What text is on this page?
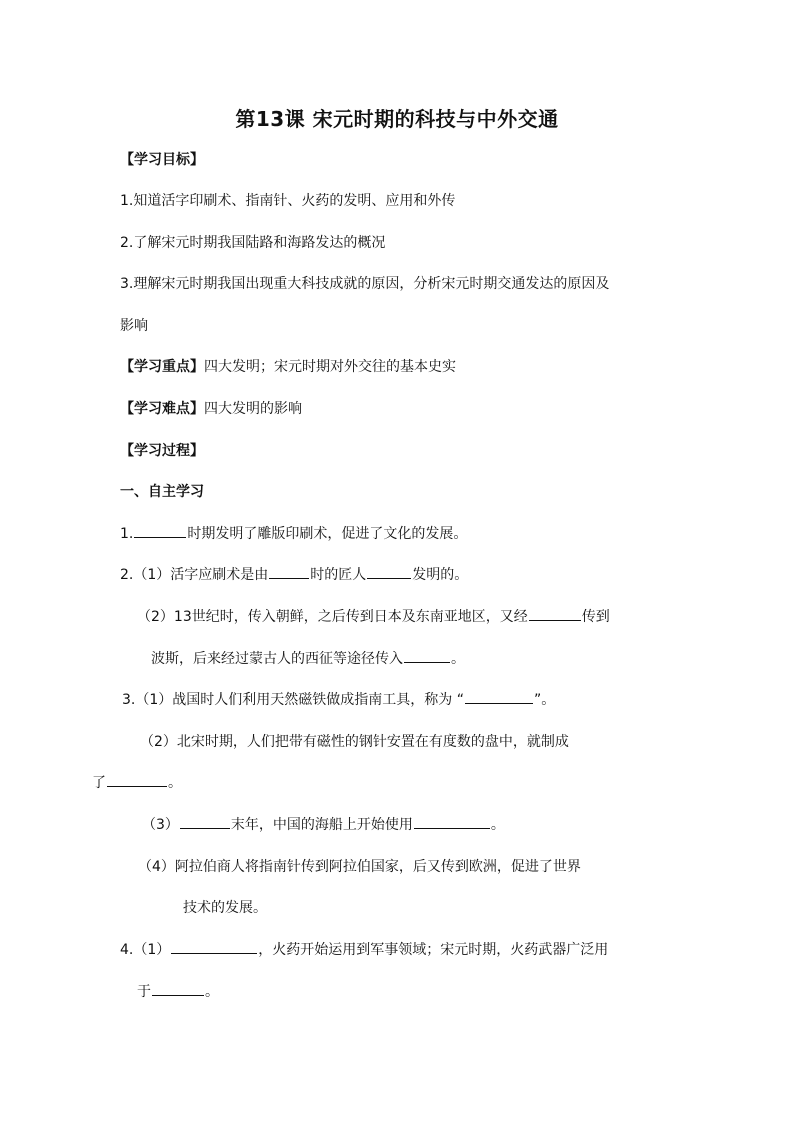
第13课 宋元时期的科技与中外交通
【学习目标】
1.知道活字印刷术、指南针、火药的发明、应用和外传
2.了解宋元时期我国陆路和海路发达的概况
3.理解宋元时期我国出现重大科技成就的原因，分析宋元时期交通发达的原因及
影响
【学习重点】四大发明；宋元时期对外交往的基本史实
【学习难点】四大发明的影响
【学习过程】
一、自主学习
1.	时期发明了雕版印刷术，促进了文化的发展。
2.（1）活字应刷术是由	时的匠人	发明的。
（2）13世纪时，传入朝鲜，之后传到日本及东南亚地区，又经	传到
波斯，后来经过蒙古人的西征等途径传入	。
3.（1）战国时人们利用天然磁铁做成指南工具，称为 “	”。
（2）北宋时期，人们把带有磁性的钢针安置在有度数的盘中，就制成
了	。
（3）	末年，中国的海船上开始使用	。
（4）阿拉伯商人将指南针传到阿拉伯国家，后又传到欧洲，促进了世界
技术的发展。
4.（1）	，火药开始运用到军事领域；宋元时期，火药武器广泛用
于	。
